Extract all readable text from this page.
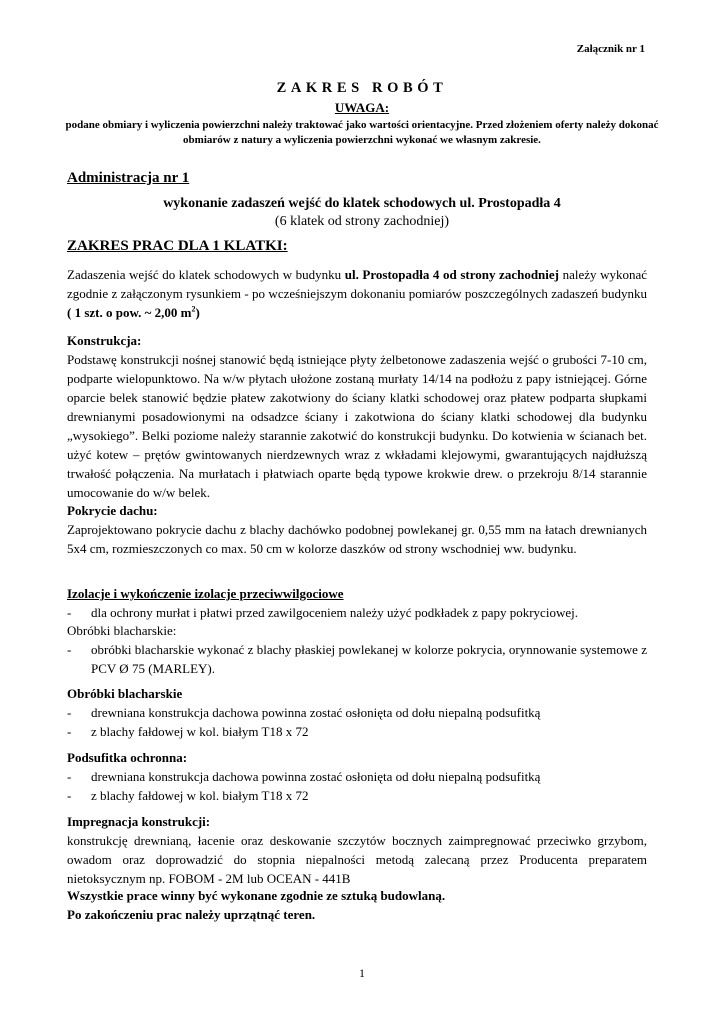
Załącznik nr 1
ZAKRES ROBÓT
UWAGA:
podane obmiary i wyliczenia powierzchni należy traktować jako wartości orientacyjne. Przed złożeniem oferty należy dokonać obmiarów z natury a wyliczenia powierzchni wykonać we własnym zakresie.
Administracja nr 1
wykonanie zadaszeń wejść do klatek schodowych ul. Prostopadła 4
(6 klatek od strony zachodniej)
ZAKRES PRAC DLA 1 KLATKI:
Zadaszenia wejść do klatek schodowych w budynku ul. Prostopadła 4 od strony zachodniej należy wykonać zgodnie z załączonym rysunkiem - po wcześniejszym dokonaniu pomiarów poszczególnych zadaszeń budynku ( 1 szt. o pow. ~ 2,00 $m^2$)
Konstrukcja:
Podstawę konstrukcji nośnej stanowić będą istniejące płyty żelbetonowe zadaszenia wejść o grubości 7-10 cm, podparte wielopunktowo. Na w/w płytach ułożone zostaną murłaty 14/14 na podłożu z papy istniejącej. Górne oparcie belek stanowić będzie płatew zakotwiony do ściany klatki schodowej oraz płatew podparta słupkami drewnianymi posadowionymi na odsadzce ściany i zakotwiona do ściany klatki schodowej dla budynku „wysokiego”. Belki poziome należy starannie zakotwić do konstrukcji budynku. Do kotwienia w ścianach bet. użyć kotew – prętów gwintowanych nierdzewnych wraz z wkładami klejowymi, gwarantujących najdłuższą trwałość połączenia. Na murłatach i płatwiach oparte będą typowe krokwie drew. o przekroju 8/14 starannie umocowanie do w/w belek.
Pokrycie dachu:
Zaprojektowano pokrycie dachu z blachy dachówko podobnej powlekanej gr. 0,55 mm na łatach drewnianych 5x4 cm, rozmieszczonych co max. 50 cm w kolorze daszków od strony wschodniej ww. budynku.
Izolacje i wykończenie izolacje przeciwwilgociowe
- dla ochrony murłat i płatwi przed zawilgoceniem należy użyć podkładek z papy pokryciowej.
Obróbki blacharskie:
- obróbki blacharskie wykonać z blachy płaskiej powlekanej w kolorze pokrycia, orynnowanie systemowe z PCV Ø 75 (MARLEY).
Obróbki blacharskie
- drewniana konstrukcja dachowa powinna zostać osłonięta od dołu niepalną podsufitką
- z blachy fałdowej w kol. białym T18 x 72
Podsufitka ochronna:
- drewniana konstrukcja dachowa powinna zostać osłonięta od dołu niepalną podsufitką
- z blachy fałdowej w kol. białym T18 x 72
Impregnacja konstrukcji:
konstrukcję drewnianą, łacenie oraz deskowanie szczytów bocznych zaimpregnować przeciwko grzybom, owadom oraz doprowadzić do stopnia niepalności metodą zalecaną przez Producenta preparatem nietoksycznym np. FOBOM - 2M lub OCEAN - 441B
Wszystkie prace winny być wykonane zgodnie ze sztuką budowlaną.
Po zakończeniu prac należy uprzątnąć teren.
1
